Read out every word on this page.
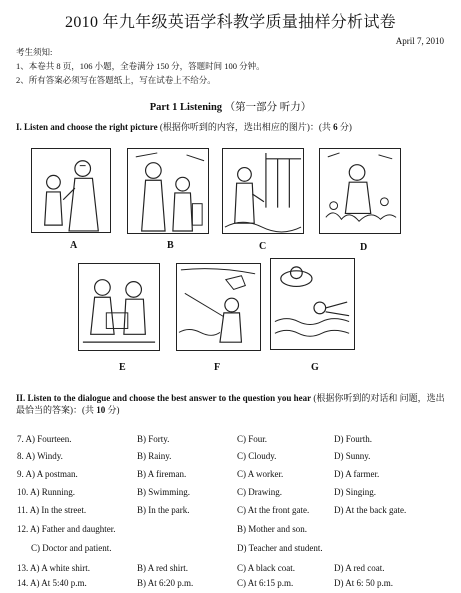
2010 年九年级英语学科教学质量抽样分析试卷
April 7, 2010
考生须知:
1、本卷共 8 页，106 小题，全卷满分 150 分，答题时间 100 分钟。
2、所有答案必须写在答题纸上，写在试卷上不给分。
Part 1 Listening （第一部分 听力）
I. Listen and choose the right picture (根据你听到的内容，选出相应的图片)：(共 6 分)
A	B	C	D
E	F	G
II. Listen to the dialogue and choose the best answer to the question you hear (根据你听到的对话和 问题，选出最恰当的答案)：(共 10 分)
7. A) Fourteen.	B) Forty.	C) Four.	D) Fourth.
8. A) Windy.	B) Rainy.	C) Cloudy.	D) Sunny.
9. A) A postman.	B) A fireman.	C) A worker.	D) A farmer.
10. A) Running.	B) Swimming.	C) Drawing.	D) Singing.
11. A) In the street.	B) In the park.	C) At the front gate.	D) At the back gate.
12. A) Father and daughter.	B) Mother and son.
C) Doctor and patient.	D) Teacher and student.
13. A) A white shirt.	B) A red shirt.	C) A black coat.	D) A red coat.
14. A) At 5:40 p.m.	B) At 6:20 p.m.	C) At 6:15 p.m.	D) At 6: 50 p.m.
